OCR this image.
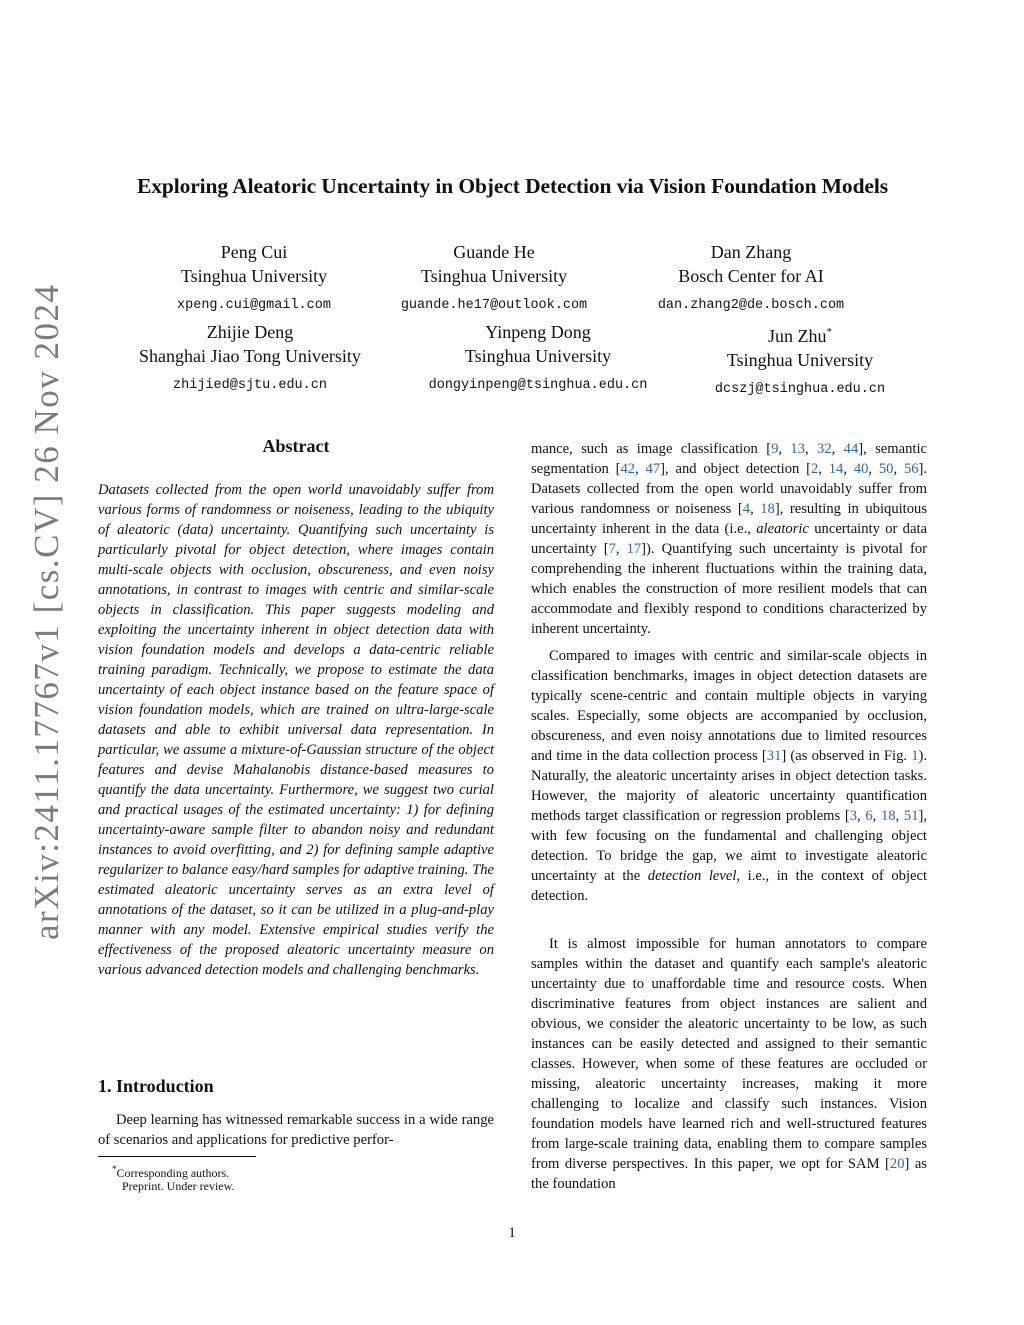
arXiv:2411.17767v1 [cs.CV] 26 Nov 2024
Exploring Aleatoric Uncertainty in Object Detection via Vision Foundation Models
Peng Cui
Tsinghua University
xpeng.cui@gmail.com
Guande He
Tsinghua University
guande.he17@outlook.com
Dan Zhang
Bosch Center for AI
dan.zhang2@de.bosch.com
Zhijie Deng
Shanghai Jiao Tong University
zhijied@sjtu.edu.cn
Yinpeng Dong
Tsinghua University
dongyinpeng@tsinghua.edu.cn
Jun Zhu*
Tsinghua University
dcszj@tsinghua.edu.cn
Abstract
Datasets collected from the open world unavoidably suffer from various forms of randomness or noiseness, leading to the ubiquity of aleatoric (data) uncertainty. Quantifying such uncertainty is particularly pivotal for object detection, where images contain multi-scale objects with occlusion, obscureness, and even noisy annotations, in contrast to images with centric and similar-scale objects in classification. This paper suggests modeling and exploiting the uncertainty inherent in object detection data with vision foundation models and develops a data-centric reliable training paradigm. Technically, we propose to estimate the data uncertainty of each object instance based on the feature space of vision foundation models, which are trained on ultra-large-scale datasets and able to exhibit universal data representation. In particular, we assume a mixture-of-Gaussian structure of the object features and devise Mahalanobis distance-based measures to quantify the data uncertainty. Furthermore, we suggest two curial and practical usages of the estimated uncertainty: 1) for defining uncertainty-aware sample filter to abandon noisy and redundant instances to avoid overfitting, and 2) for defining sample adaptive regularizer to balance easy/hard samples for adaptive training. The estimated aleatoric uncertainty serves as an extra level of annotations of the dataset, so it can be utilized in a plug-and-play manner with any model. Extensive empirical studies verify the effectiveness of the proposed aleatoric uncertainty measure on various advanced detection models and challenging benchmarks.
1. Introduction
Deep learning has witnessed remarkable success in a wide range of scenarios and applications for predictive perfor-
*Corresponding authors.
Preprint. Under review.
mance, such as image classification [9, 13, 32, 44], semantic segmentation [42, 47], and object detection [2, 14, 40, 50, 56]. Datasets collected from the open world unavoidably suffer from various randomness or noiseness [4, 18], resulting in ubiquitous uncertainty inherent in the data (i.e., aleatoric uncertainty or data uncertainty [7, 17]). Quantifying such uncertainty is pivotal for comprehending the inherent fluctuations within the training data, which enables the construction of more resilient models that can accommodate and flexibly respond to conditions characterized by inherent uncertainty.
Compared to images with centric and similar-scale objects in classification benchmarks, images in object detection datasets are typically scene-centric and contain multiple objects in varying scales. Especially, some objects are accompanied by occlusion, obscureness, and even noisy annotations due to limited resources and time in the data collection process [31] (as observed in Fig. 1). Naturally, the aleatoric uncertainty arises in object detection tasks. However, the majority of aleatoric uncertainty quantification methods target classification or regression problems [3, 6, 18, 51], with few focusing on the fundamental and challenging object detection. To bridge the gap, we aimt to investigate aleatoric uncertainty at the detection level, i.e., in the context of object detection.
It is almost impossible for human annotators to compare samples within the dataset and quantify each sample's aleatoric uncertainty due to unaffordable time and resource costs. When discriminative features from object instances are salient and obvious, we consider the aleatoric uncertainty to be low, as such instances can be easily detected and assigned to their semantic classes. However, when some of these features are occluded or missing, aleatoric uncertainty increases, making it more challenging to localize and classify such instances. Vision foundation models have learned rich and well-structured features from large-scale training data, enabling them to compare samples from diverse perspectives. In this paper, we opt for SAM [20] as the foundation
1
